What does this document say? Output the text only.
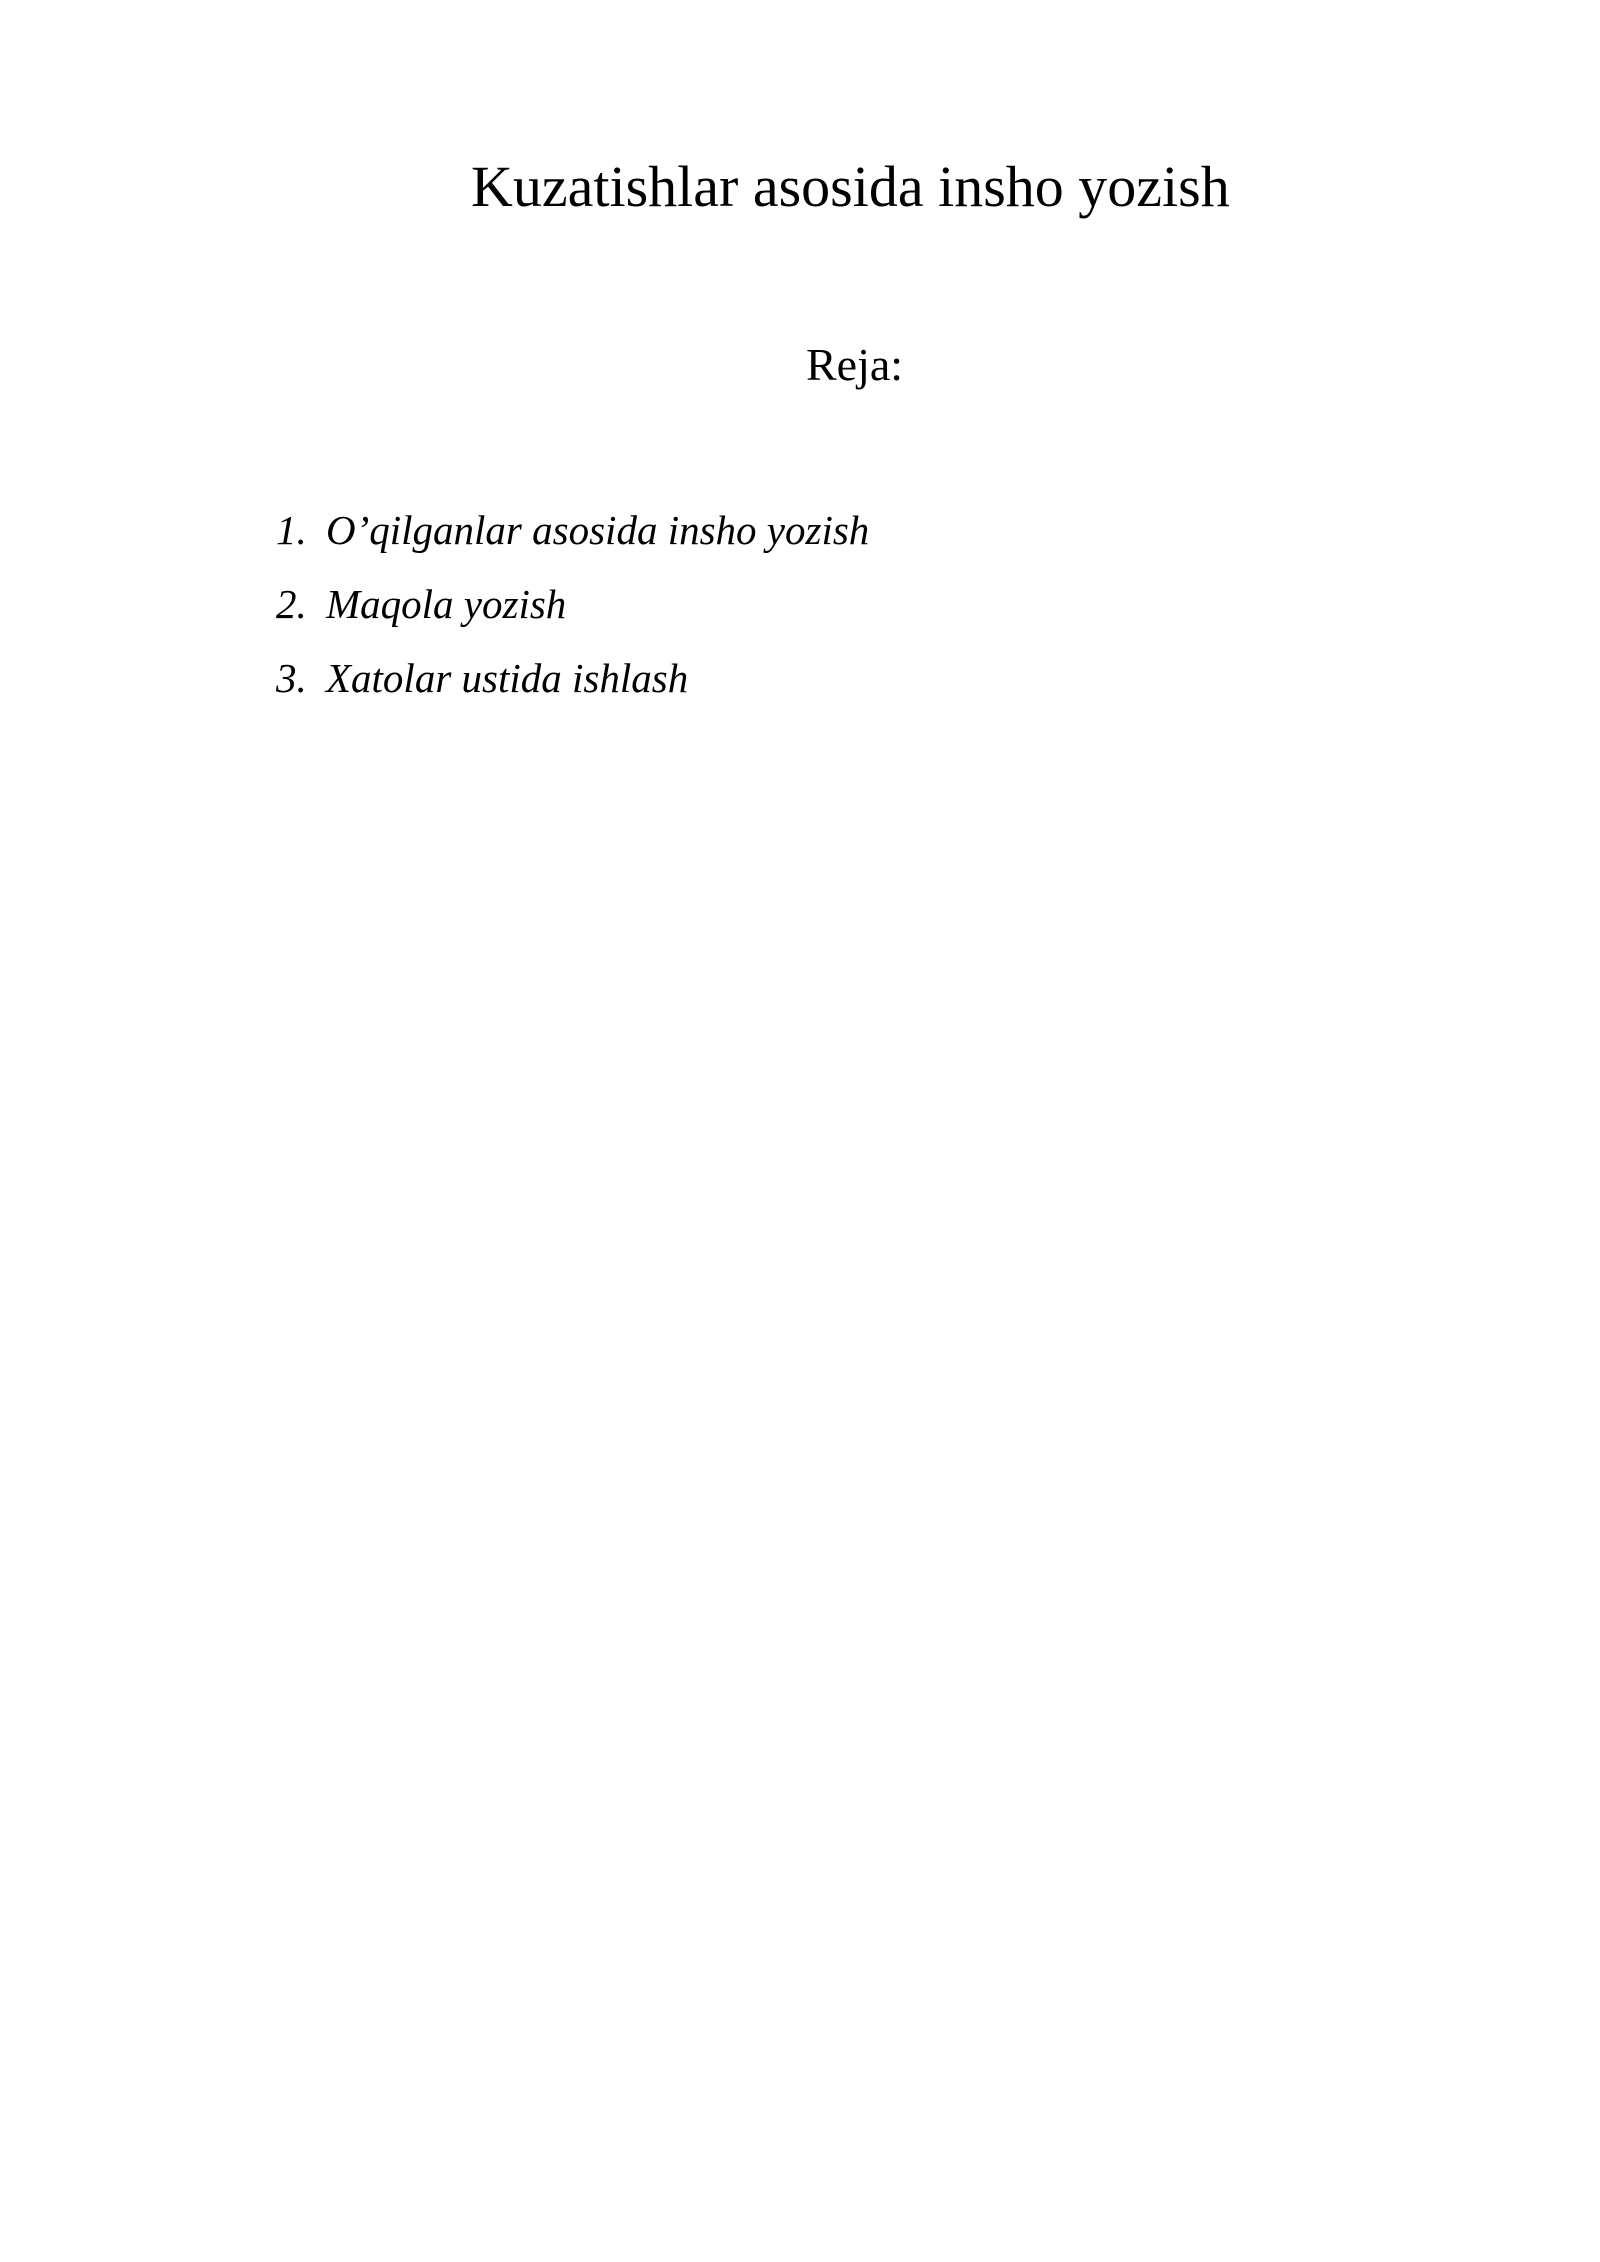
Kuzatishlar asosida insho yozish
Reja:
1. O’qilganlar asosida insho yozish
2. Maqola yozish
3. Xatolar ustida ishlash
